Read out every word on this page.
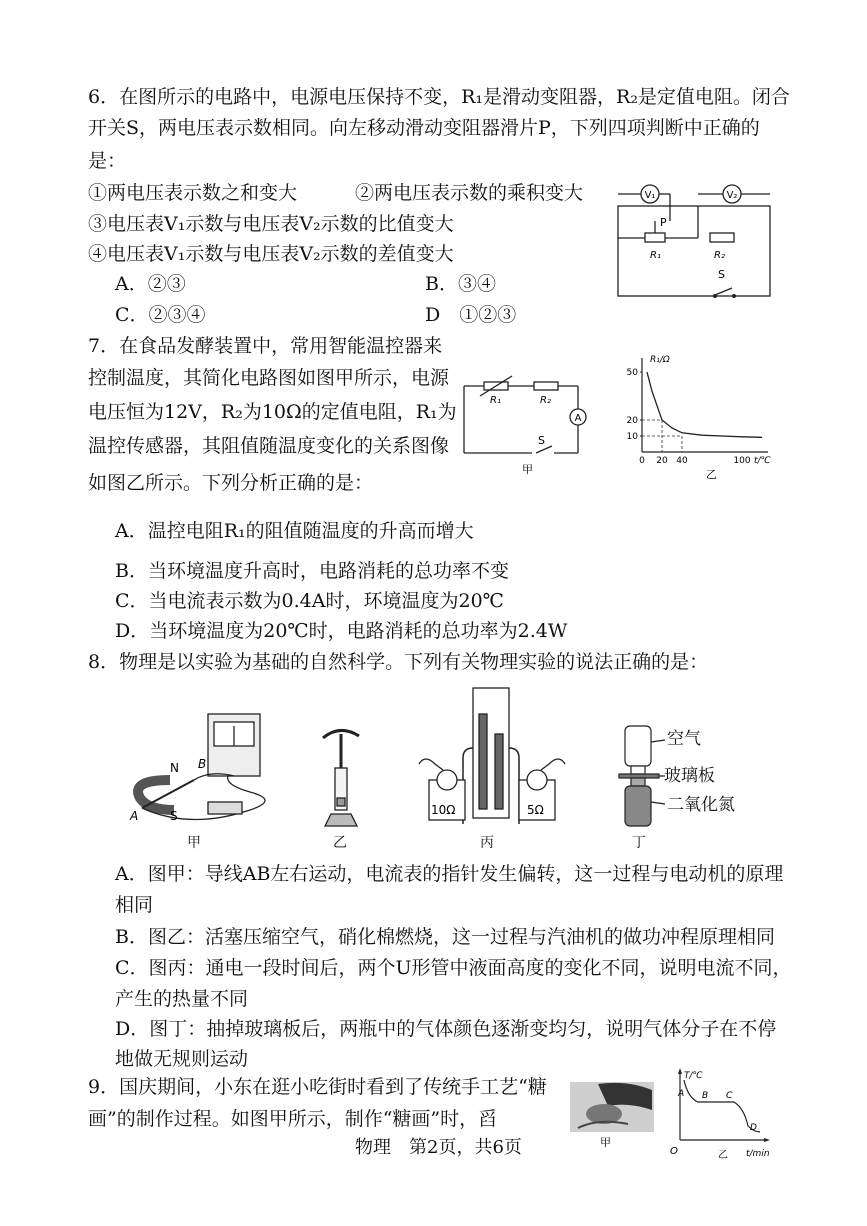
6．在图所示的电路中，电源电压保持不变，R₁是滑动变阻器，R₂是定值电阻。闭合
开关S，两电压表示数相同。向左移动滑动变阻器滑片P，下列四项判断中正确的
是：
①两电压表示数之和变大	②两电压表示数的乘积变大
③电压表V₁示数与电压表V₂示数的比值变大
④电压表V₁示数与电压表V₂示数的差值变大
A．②③	B．③④
C．②③④	D　①②③
V₁	V₂
P
R₁	R₂
S
7．在食品发酵装置中，常用智能温控器来
控制温度，其简化电路图如图甲所示，电源
电压恒为12V，R₂为10Ω的定值电阻，R₁为
温控传感器，其阻值随温度变化的关系图像
如图乙所示。下列分析正确的是：
A．温控电阻R₁的阻值随温度的升高而增大
B．当环境温度升高时，电路消耗的总功率不变
C．当电流表示数为0.4A时，环境温度为20℃
D．当环境温度为20℃时，电路消耗的总功率为2.4W
R₁	R₂
A
S
甲
10
20
50
0 20 40	100
R₁/Ω
t/℃
乙
8．物理是以实验为基础的自然科学。下列有关物理实验的说法正确的是：
N B
A	S
甲	乙
10Ω	5Ω
丙
空气
玻璃板
二氧化氮
丁
A．图甲：导线AB左右运动，电流表的指针发生偏转，这一过程与电动机的原理
相同
B．图乙：活塞压缩空气，硝化棉燃烧，这一过程与汽油机的做功冲程原理相同
C．图丙：通电一段时间后，两个U形管中液面高度的变化不同，说明电流不同，
产生的热量不同
D．图丁：抽掉玻璃板后，两瓶中的气体颜色逐渐变均匀，说明气体分子在不停
地做无规则运动
9．国庆期间，小东在逛小吃街时看到了传统手工艺“糖
画”的制作过程。如图甲所示，制作“糖画”时，舀
甲
T/℃
t/min
O
A B C
D
乙
物理　第2页，共6页
